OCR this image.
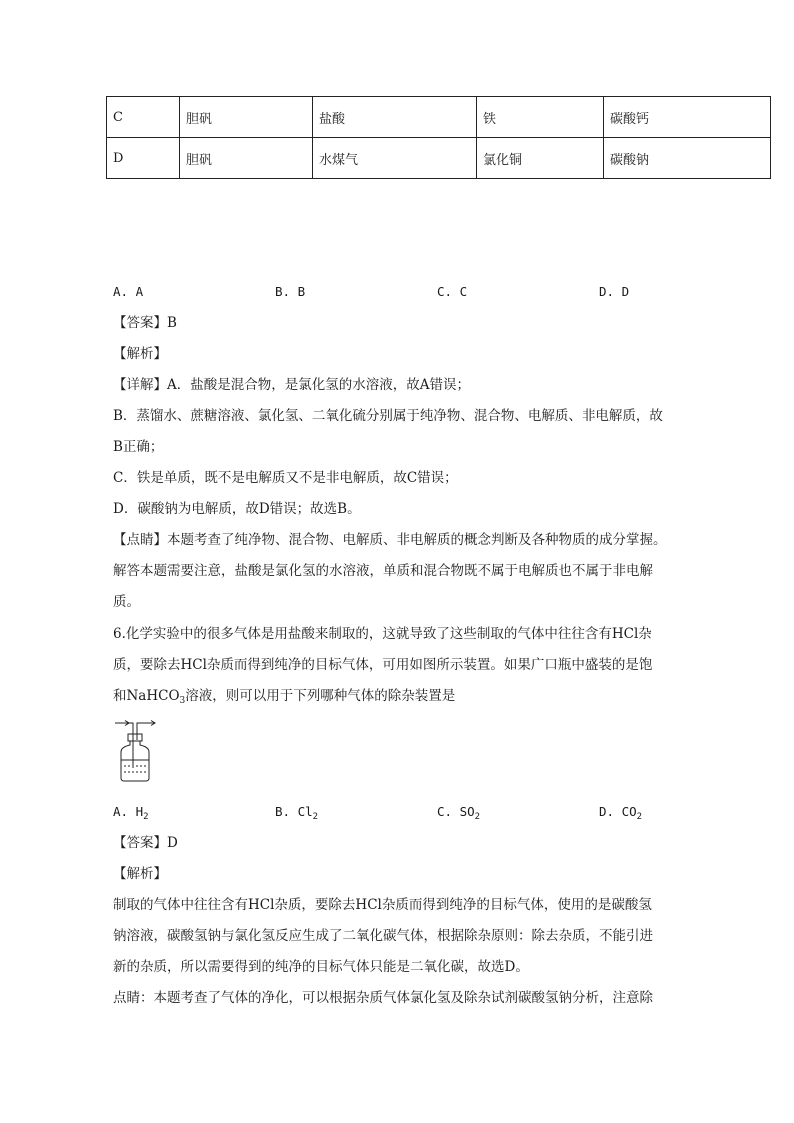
C	胆矾	盐酸	铁	碳酸钙
D	胆矾	水煤气	氯化铜	碳酸钠
A. A	B. B	C. C	D. D
【答案】B
【解析】
【详解】A．盐酸是混合物，是氯化氢的水溶液，故A错误；
B．蒸馏水、蔗糖溶液、氯化氢、二氧化硫分别属于纯净物、混合物、电解质、非电解质，故
B正确；
C．铁是单质，既不是电解质又不是非电解质，故C错误；
D．碳酸钠为电解质，故D错误；故选B。
【点睛】本题考查了纯净物、混合物、电解质、非电解质的概念判断及各种物质的成分掌握。
解答本题需要注意，盐酸是氯化氢的水溶液，单质和混合物既不属于电解质也不属于非电解
质。
6.化学实验中的很多气体是用盐酸来制取的，这就导致了这些制取的气体中往往含有HCl杂
质，要除去HCl杂质而得到纯净的目标气体，可用如图所示装置。如果广口瓶中盛装的是饱
和NaHCO$_3$溶液，则可以用于下列哪种气体的除杂装置是
A. $H_2$	B. $Cl_2$	C. $SO_2$	D. $CO_2$
【答案】D
【解析】
制取的气体中往往含有HCl杂质，要除去HCl杂质而得到纯净的目标气体，使用的是碳酸氢
钠溶液，碳酸氢钠与氯化氢反应生成了二氧化碳气体，根据除杂原则：除去杂质，不能引进
新的杂质，所以需要得到的纯净的目标气体只能是二氧化碳，故选D。
点睛：本题考查了气体的净化，可以根据杂质气体氯化氢及除杂试剂碳酸氢钠分析，注意除
